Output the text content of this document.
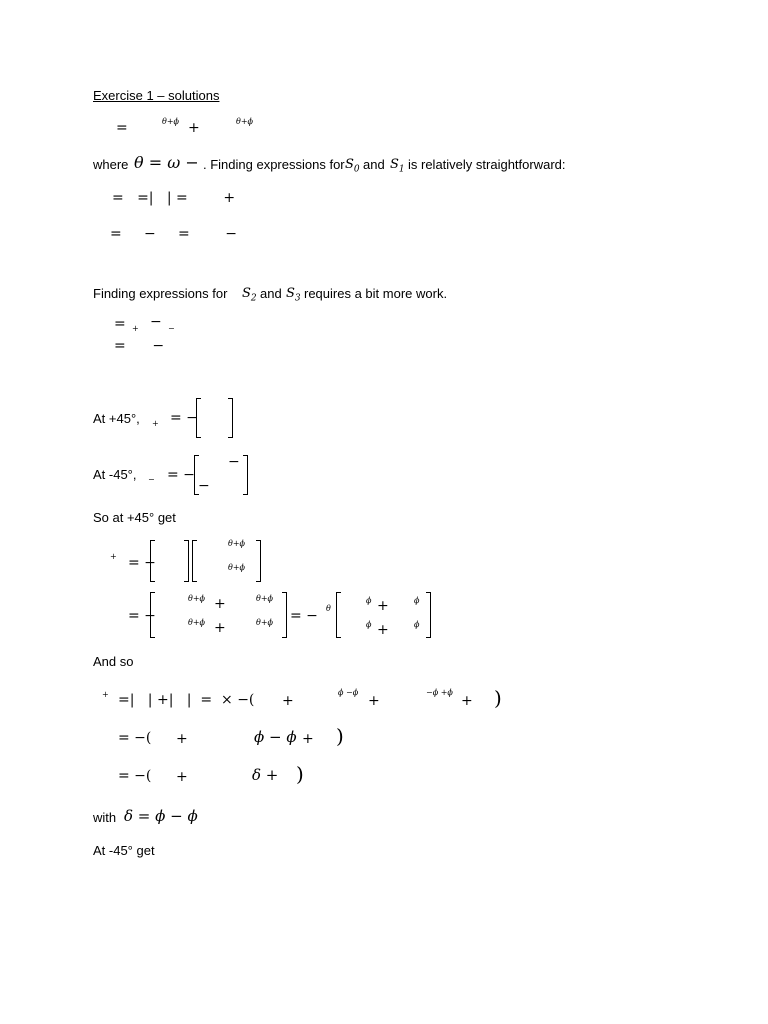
Exercise 1 – solutions
=	θ+ϕ +	θ+ϕ
where θ = ω − . Finding expressions for $S_0$ and $S_1$ is relatively straightforward:
=   =|   | =        +
=     −     =        −
Finding expressions for $S_2$ and $S_3$ requires a bit more work.
= + − −
=      −
At +45°, + = −
At -45°, − = −
−
−
So at +45° get
+ = −
θ+ϕ
θ+ϕ
= −
θ+ϕ +	θ+ϕ
θ+ϕ +	θ+ϕ = − θ
ϕ +	ϕ
ϕ +	ϕ
And so
+ =|   | +|   |  =  × −( +
ϕ −ϕ
+
−ϕ +ϕ
+ )
= −( +	ϕ − ϕ + )
= −( +	δ + )
with δ = ϕ − ϕ
At -45° get
